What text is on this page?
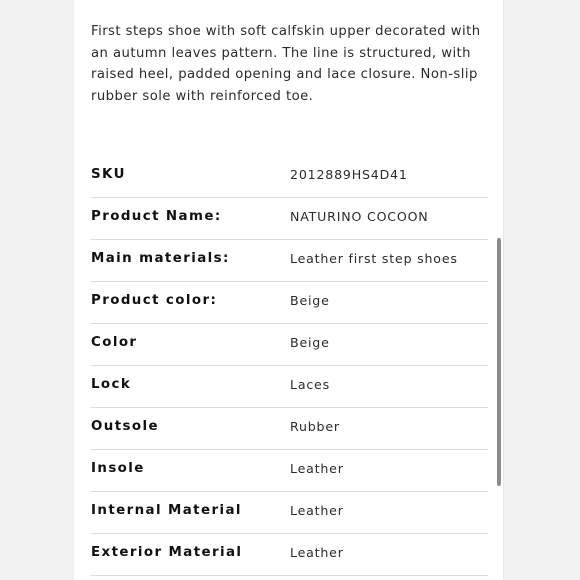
First steps shoe with soft calfskin upper decorated with an autumn leaves pattern. The line is structured, with raised heel, padded opening and lace closure. Non-slip rubber sole with reinforced toe.

SKU	2012889HS4D41
Product Name:	NATURINO COCOON
Main materials:	Leather first step shoes
Product color:	Beige
Color	Beige
Lock	Laces
Outsole	Rubber
Insole	Leather
Internal Material	Leather
Exterior Material	Leather
